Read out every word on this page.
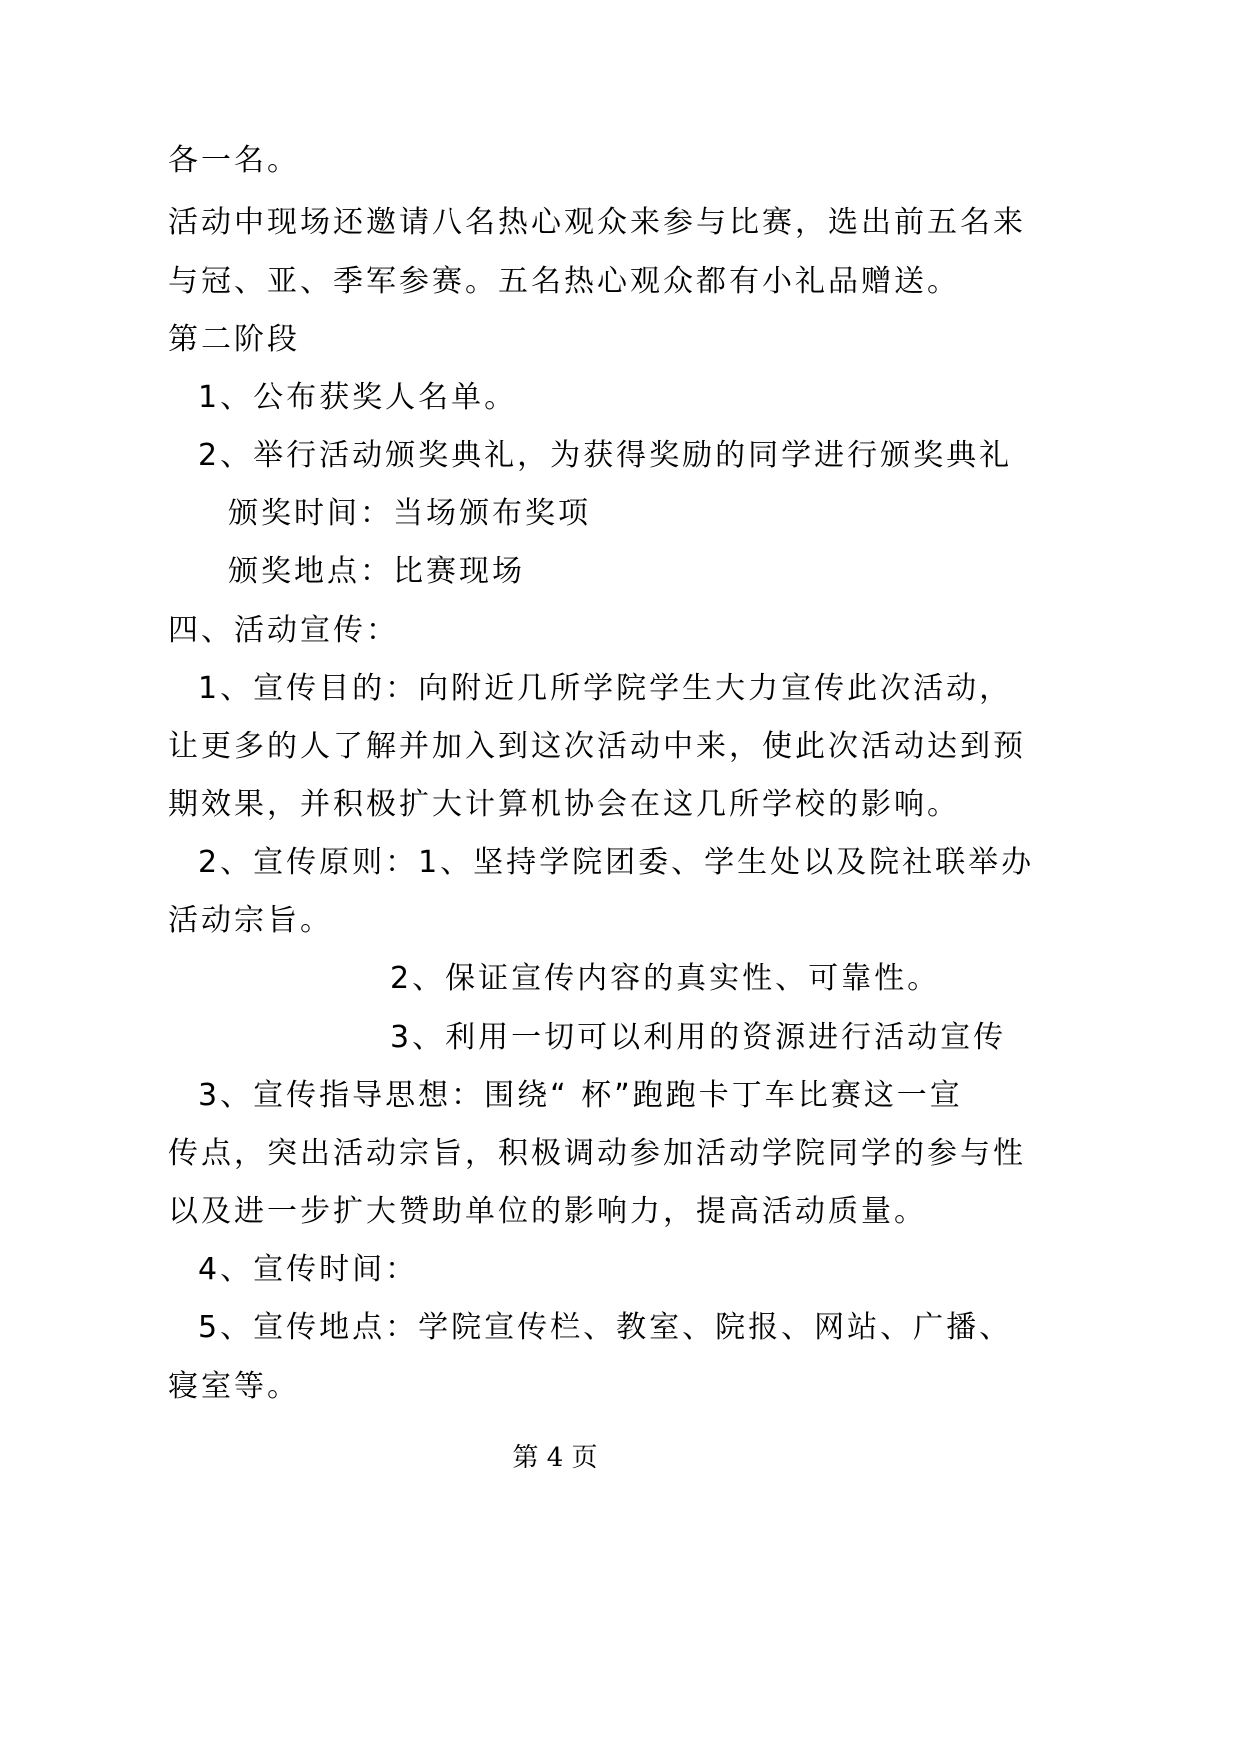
各一名。
活动中现场还邀请八名热心观众来参与比赛，选出前五名来
与冠、亚、季军参赛。五名热心观众都有小礼品赠送。
第二阶段
1、公布获奖人名单。
2、举行活动颁奖典礼，为获得奖励的同学进行颁奖典礼
颁奖时间：当场颁布奖项
颁奖地点：比赛现场
四、活动宣传：
1、宣传目的：向附近几所学院学生大力宣传此次活动，
让更多的人了解并加入到这次活动中来，使此次活动达到预
期效果，并积极扩大计算机协会在这几所学校的影响。
2、宣传原则：1、坚持学院团委、学生处以及院社联举办
活动宗旨。
2、保证宣传内容的真实性、可靠性。
3、利用一切可以利用的资源进行活动宣传
3、宣传指导思想：围绕“ 杯”跑跑卡丁车比赛这一宣
传点，突出活动宗旨，积极调动参加活动学院同学的参与性
以及进一步扩大赞助单位的影响力，提高活动质量。
4、宣传时间：
5、宣传地点：学院宣传栏、教室、院报、网站、广播、
寝室等。
第 4 页
